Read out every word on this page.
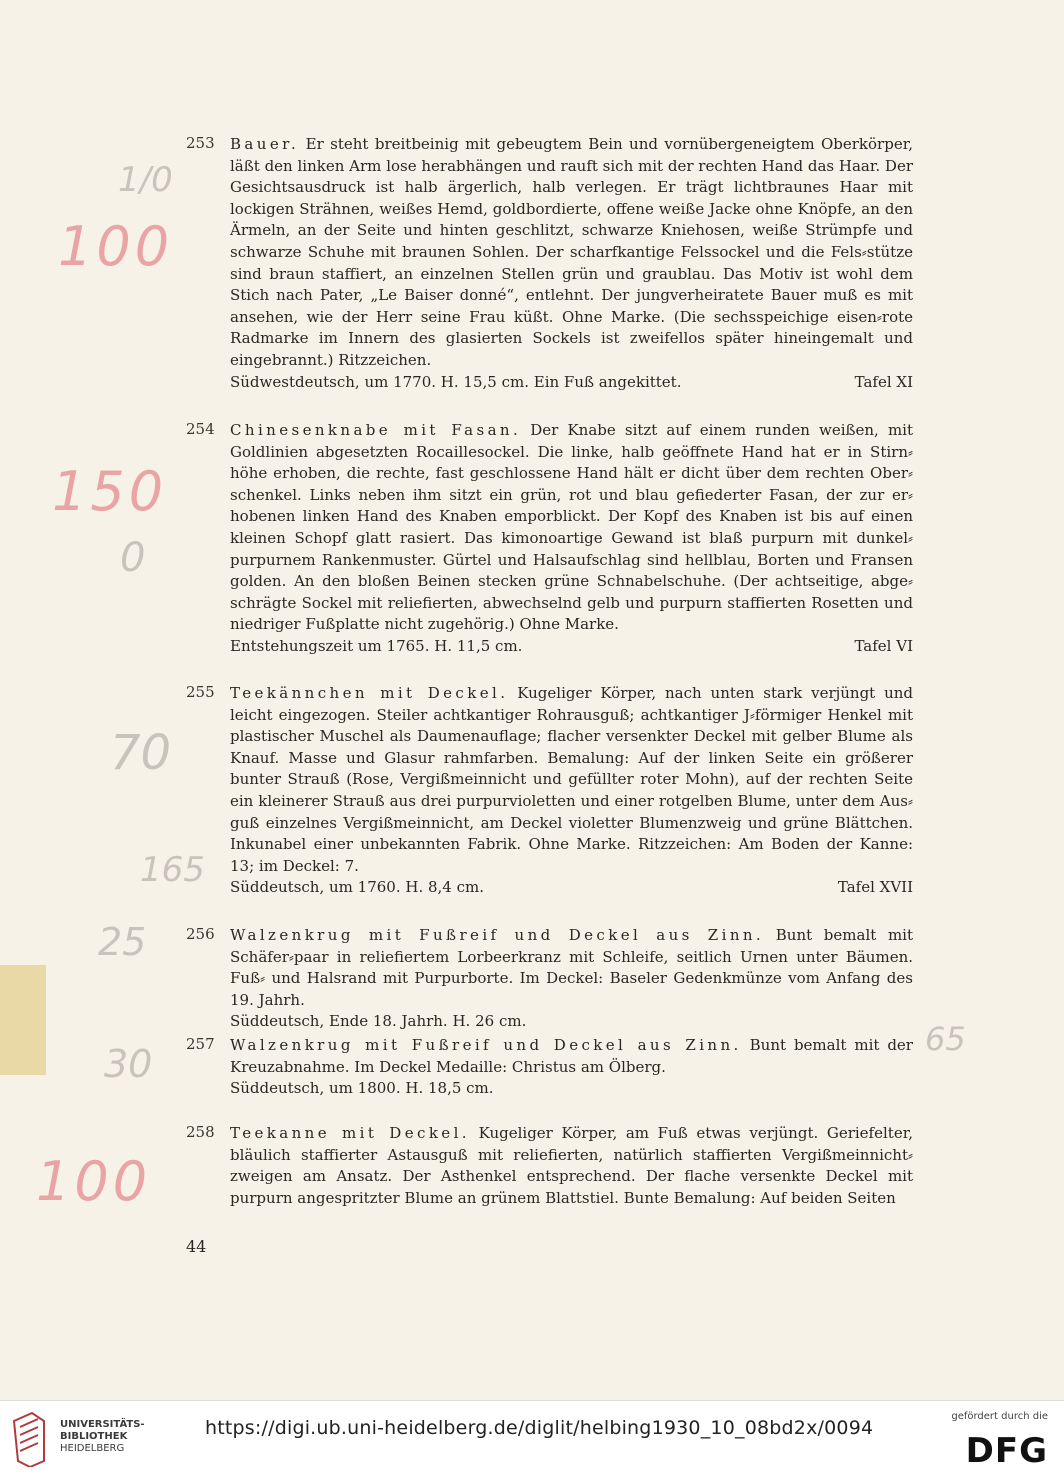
253 Bauer. Er steht breitbeinig mit gebeugtem Bein und vornübergeneigtem Oberkörper, läßt den linken Arm lose herabhängen und rauft sich mit der rechten Hand das Haar. Der Gesichtsausdruck ist halb ärgerlich, halb verlegen. Er trägt lichtbraunes Haar mit lockigen Strähnen, weißes Hemd, goldbordierte, offene weiße Jacke ohne Knöpfe, an den Ärmeln, an der Seite und hinten geschlitzt, schwarze Kniehosen, weiße Strümpfe und schwarze Schuhe mit braunen Sohlen. Der scharfkantige Felssockel und die Fels⸗stütze sind braun staffiert, an einzelnen Stellen grün und graublau. Das Motiv ist wohl dem Stich nach Pater, „Le Baiser donné“, entlehnt. Der jungverheiratete Bauer muß es mit ansehen, wie der Herr seine Frau küßt. Ohne Marke. (Die sechsspeichige eisen⸗rote Radmarke im Innern des glasierten Sockels ist zweifellos später hineingemalt und eingebrannt.) Ritzzeichen.

Südwestdeutsch, um 1770. H. 15,5 cm. Ein Fuß angekittet.	Tafel XI
254 Chinesenknabe mit Fasan. Der Knabe sitzt auf einem runden weißen, mit Goldlinien abgesetzten Rocaillesockel. Die linke, halb geöffnete Hand hat er in Stirn⸗höhe erhoben, die rechte, fast geschlossene Hand hält er dicht über dem rechten Ober⸗schenkel. Links neben ihm sitzt ein grün, rot und blau gefiederter Fasan, der zur er⸗hobenen linken Hand des Knaben emporblickt. Der Kopf des Knaben ist bis auf einen kleinen Schopf glatt rasiert. Das kimonoartige Gewand ist blaß purpurn mit dunkel⸗purpurnem Rankenmuster. Gürtel und Halsaufschlag sind hellblau, Borten und Fransen golden. An den bloßen Beinen stecken grüne Schnabelschuhe. (Der achtseitige, abge⸗schrägte Sockel mit reliefierten, abwechselnd gelb und purpurn staffierten Rosetten und niedriger Fußplatte nicht zugehörig.) Ohne Marke.

Entstehungszeit um 1765. H. 11,5 cm.	Tafel VI
255 Teekännchen mit Deckel. Kugeliger Körper, nach unten stark verjüngt und leicht eingezogen. Steiler achtkantiger Rohrausguß; achtkantiger J⸗förmiger Henkel mit plastischer Muschel als Daumenauflage; flacher versenkter Deckel mit gelber Blume als Knauf. Masse und Glasur rahmfarben. Bemalung: Auf der linken Seite ein größerer bunter Strauß (Rose, Vergißmeinnicht und gefüllter roter Mohn), auf der rechten Seite ein kleinerer Strauß aus drei purpurvioletten und einer rotgelben Blume, unter dem Aus⸗guß einzelnes Vergißmeinnicht, am Deckel violetter Blumenzweig und grüne Blättchen. Inkunabel einer unbekannten Fabrik. Ohne Marke. Ritzzeichen: Am Boden der Kanne: 13; im Deckel: 7.

Süddeutsch, um 1760. H. 8,4 cm.	Tafel XVII
256 Walzenkrug mit Fußreif und Deckel aus Zinn. Bunt bemalt mit Schäfer⸗paar in reliefiertem Lorbeerkranz mit Schleife, seitlich Urnen unter Bäumen. Fuß⸗ und Halsrand mit Purpurborte. Im Deckel: Baseler Gedenkmünze vom Anfang des 19. Jahrh.

Süddeutsch, Ende 18. Jahrh. H. 26 cm.
257 Walzenkrug mit Fußreif und Deckel aus Zinn. Bunt bemalt mit der Kreuzabnahme. Im Deckel Medaille: Christus am Ölberg.

Süddeutsch, um 1800. H. 18,5 cm.
258 Teekanne mit Deckel. Kugeliger Körper, am Fuß etwas verjüngt. Geriefelter, bläulich staffierter Astausguß mit reliefierten, natürlich staffierten Vergißmeinnicht⸗zweigen am Ansatz. Der Asthenkel entsprechend. Der flache versenkte Deckel mit purpurn angespritzter Blume an grünem Blattstiel. Bunte Bemalung: Auf beiden Seiten

44
100
150
100
70
25
30
1/0
0
165
65
UNIVERSITÄTS-
BIBLIOTHEK
HEIDELBERG
https://digi.ub.uni-heidelberg.de/diglit/helbing1930_10_08bd2x/0094
gefördert durch die
DFG
